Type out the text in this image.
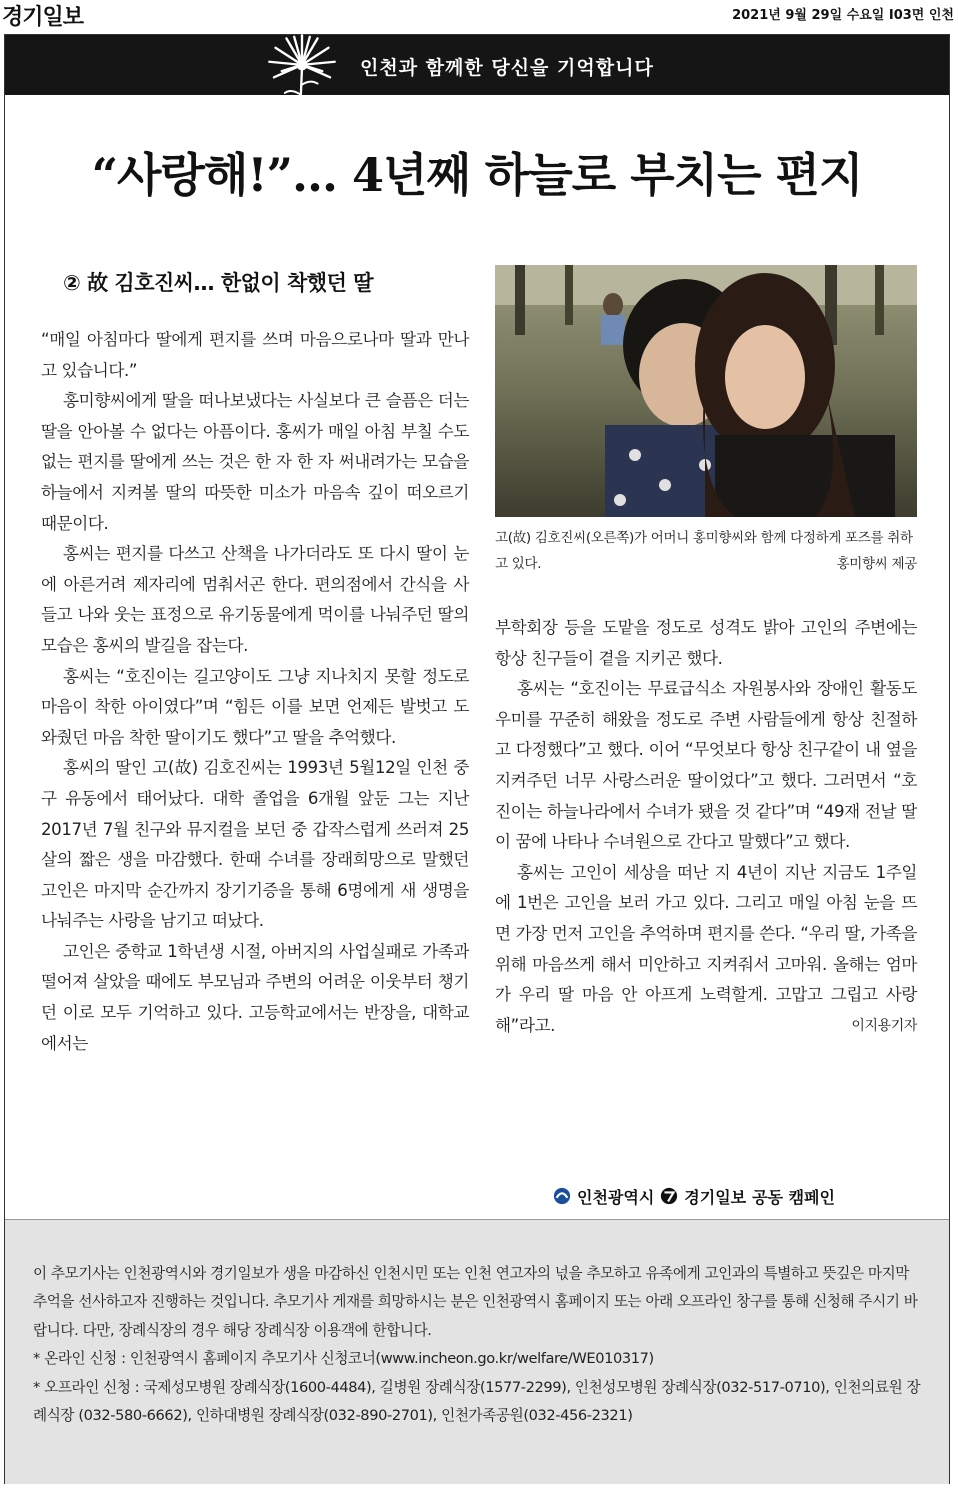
경기일보	2021년 9월 29일 수요일 I03면 인천
인천과 함께한 당신을 기억합니다
“사랑해!”… 4년째 하늘로 부치는 편지
② 故 김호진씨… 한없이 착했던 딸

“매일 아침마다 딸에게 편지를 쓰며 마음으로나마 딸과 만나고 있습니다.”

홍미향씨에게 딸을 떠나보냈다는 사실보다 큰 슬픔은 더는 딸을 안아볼 수 없다는 아픔이다. 홍씨가 매일 아침 부칠 수도 없는 편지를 딸에게 쓰는 것은 한 자 한 자 써내려가는 모습을 하늘에서 지켜볼 딸의 따뜻한 미소가 마음속 깊이 떠오르기 때문이다.

홍씨는 편지를 다쓰고 산책을 나가더라도 또 다시 딸이 눈에 아른거려 제자리에 멈춰서곤 한다. 편의점에서 간식을 사들고 나와 웃는 표정으로 유기동물에게 먹이를 나눠주던 딸의 모습은 홍씨의 발길을 잡는다.

홍씨는 “호진이는 길고양이도 그냥 지나치지 못할 정도로 마음이 착한 아이였다”며 “힘든 이를 보면 언제든 발벗고 도와줬던 마음 착한 딸이기도 했다”고 딸을 추억했다.

홍씨의 딸인 고(故) 김호진씨는 1993년 5월12일 인천 중구 유동에서 태어났다. 대학 졸업을 6개월 앞둔 그는 지난 2017년 7월 친구와 뮤지컬을 보던 중 갑작스럽게 쓰러져 25살의 짧은 생을 마감했다. 한때 수녀를 장래희망으로 말했던 고인은 마지막 순간까지 장기기증을 통해 6명에게 새 생명을 나눠주는 사랑을 남기고 떠났다.

고인은 중학교 1학년생 시절, 아버지의 사업실패로 가족과 떨어져 살았을 때에도 부모님과 주변의 어려운 이웃부터 챙기던 이로 모두 기억하고 있다. 고등학교에서는 반장을, 대학교에서는

고(故) 김호진씨(오른쪽)가 어머니 홍미향씨와 함께 다정하게 포즈를 취하고 있다.	홍미향씨 제공

부학회장 등을 도맡을 정도로 성격도 밝아 고인의 주변에는 항상 친구들이 곁을 지키곤 했다.

홍씨는 “호진이는 무료급식소 자원봉사와 장애인 활동도우미를 꾸준히 해왔을 정도로 주변 사람들에게 항상 친절하고 다정했다”고 했다. 이어 “무엇보다 항상 친구같이 내 옆을 지켜주던 너무 사랑스러운 딸이었다”고 했다. 그러면서 “호진이는 하늘나라에서 수녀가 됐을 것 같다”며 “49재 전날 딸이 꿈에 나타나 수녀원으로 간다고 말했다”고 했다.

홍씨는 고인이 세상을 떠난 지 4년이 지난 지금도 1주일에 1번은 고인을 보러 가고 있다. 그리고 매일 아침 눈을 뜨면 가장 먼저 고인을 추억하며 편지를 쓴다. “우리 딸, 가족을 위해 마음쓰게 해서 미안하고 지켜줘서 고마워. 올해는 엄마가 우리 딸 마음 안 아프게 노력할게. 고맙고 그립고 사랑해”라고.	이지용기자

인천광역시 경기일보 공동 캠페인

이 추모기사는 인천광역시와 경기일보가 생을 마감하신 인천시민 또는 인천 연고자의 넋을 추모하고 유족에게 고인과의 특별하고 뜻깊은 마지막 추억을 선사하고자 진행하는 것입니다. 추모기사 게재를 희망하시는 분은 인천광역시 홈페이지 또는 아래 오프라인 창구를 통해 신청해 주시기 바랍니다. 다만, 장례식장의 경우 해당 장례식장 이용객에 한합니다.

* 온라인 신청 : 인천광역시 홈페이지 추모기사 신청코너(www.incheon.go.kr/welfare/WE010317)

* 오프라인 신청 : 국제성모병원 장례식장(1600-4484), 길병원 장례식장(1577-2299), 인천성모병원 장례식장(032-517-0710), 인천의료원 장례식장 (032-580-6662), 인하대병원 장례식장(032-890-2701), 인천가족공원(032-456-2321)
